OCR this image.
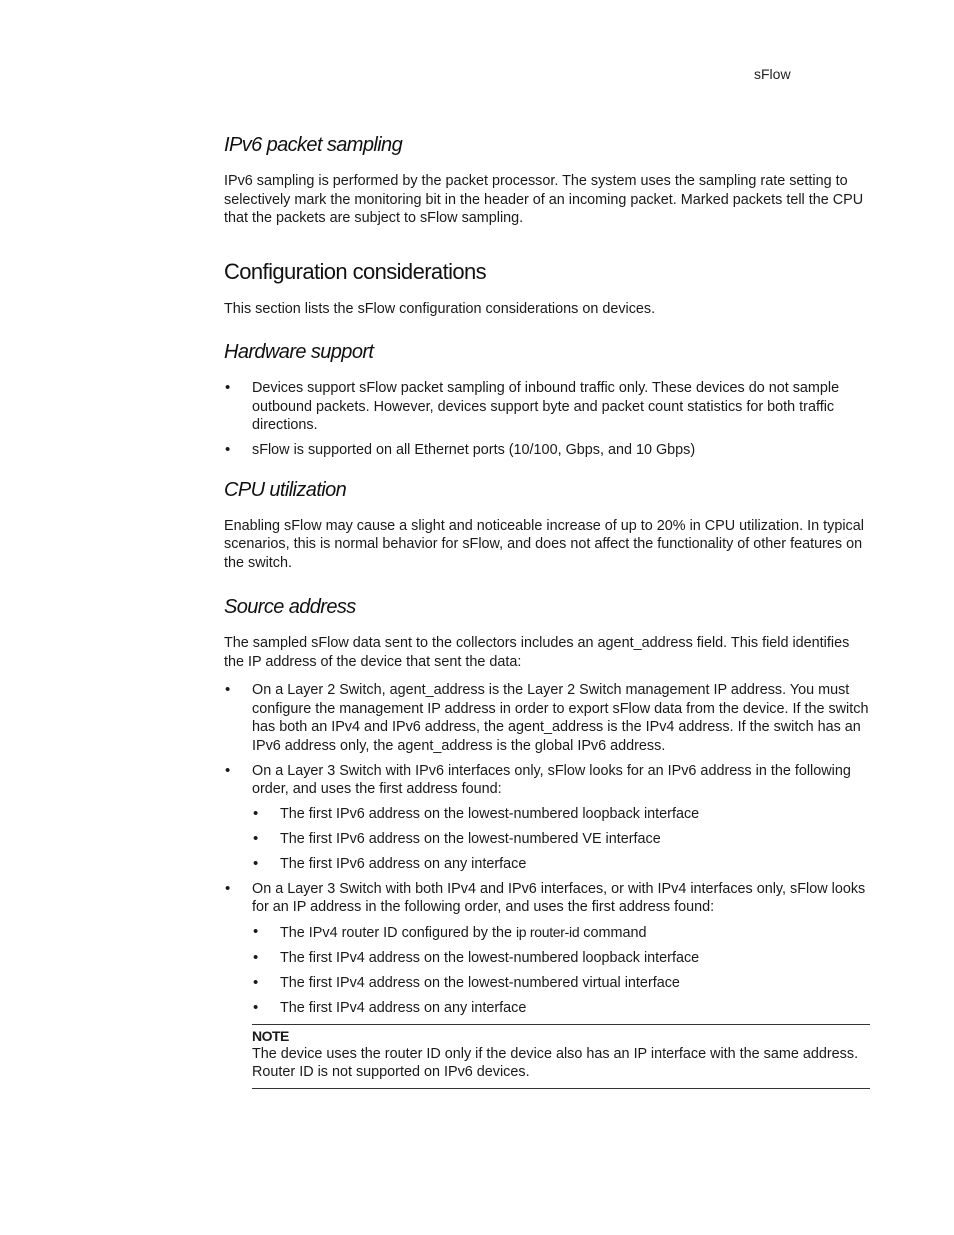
sFlow
IPv6 packet sampling

IPv6 sampling is performed by the packet processor. The system uses the sampling rate setting to selectively mark the monitoring bit in the header of an incoming packet. Marked packets tell the CPU that the packets are subject to sFlow sampling.

Configuration considerations

This section lists the sFlow configuration considerations on devices.

Hardware support
• Devices support sFlow packet sampling of inbound traffic only. These devices do not sample outbound packets. However, devices support byte and packet count statistics for both traffic directions.
• sFlow is supported on all Ethernet ports (10/100, Gbps, and 10 Gbps)
CPU utilization

Enabling sFlow may cause a slight and noticeable increase of up to 20% in CPU utilization. In typical scenarios, this is normal behavior for sFlow, and does not affect the functionality of other features on the switch.

Source address

The sampled sFlow data sent to the collectors includes an agent_address field. This field identifies the IP address of the device that sent the data:

• On a Layer 2 Switch, agent_address is the Layer 2 Switch management IP address. You must configure the management IP address in order to export sFlow data from the device. If the switch has both an IPv4 and IPv6 address, the agent_address is the IPv4 address. If the switch has an IPv6 address only, the agent_address is the global IPv6 address.
• On a Layer 3 Switch with IPv6 interfaces only, sFlow looks for an IPv6 address in the following order, and uses the first address found:
• The first IPv6 address on the lowest-numbered loopback interface
• The first IPv6 address on the lowest-numbered VE interface
• The first IPv6 address on any interface
• On a Layer 3 Switch with both IPv4 and IPv6 interfaces, or with IPv4 interfaces only, sFlow looks for an IP address in the following order, and uses the first address found:
• The IPv4 router ID configured by the ip router-id command
• The first IPv4 address on the lowest-numbered loopback interface
• The first IPv4 address on the lowest-numbered virtual interface
• The first IPv4 address on any interface
NOTE

The device uses the router ID only if the device also has an IP interface with the same address. Router ID is not supported on IPv6 devices.
